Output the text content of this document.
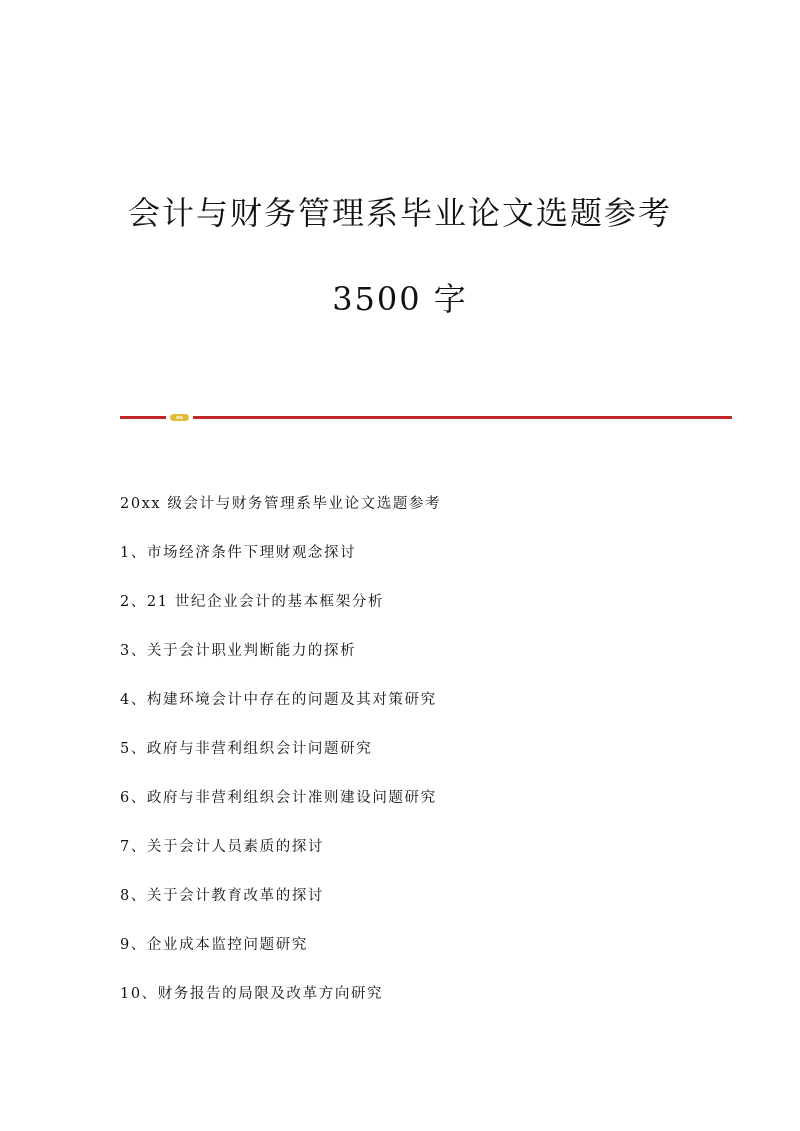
会计与财务管理系毕业论文选题参考
3500 字
20xx 级会计与财务管理系毕业论文选题参考
1、市场经济条件下理财观念探讨
2、21 世纪企业会计的基本框架分析
3、关于会计职业判断能力的探析
4、构建环境会计中存在的问题及其对策研究
5、政府与非营利组织会计问题研究
6、政府与非营利组织会计准则建设问题研究
7、关于会计人员素质的探讨
8、关于会计教育改革的探讨
9、企业成本监控问题研究
10、财务报告的局限及改革方向研究
